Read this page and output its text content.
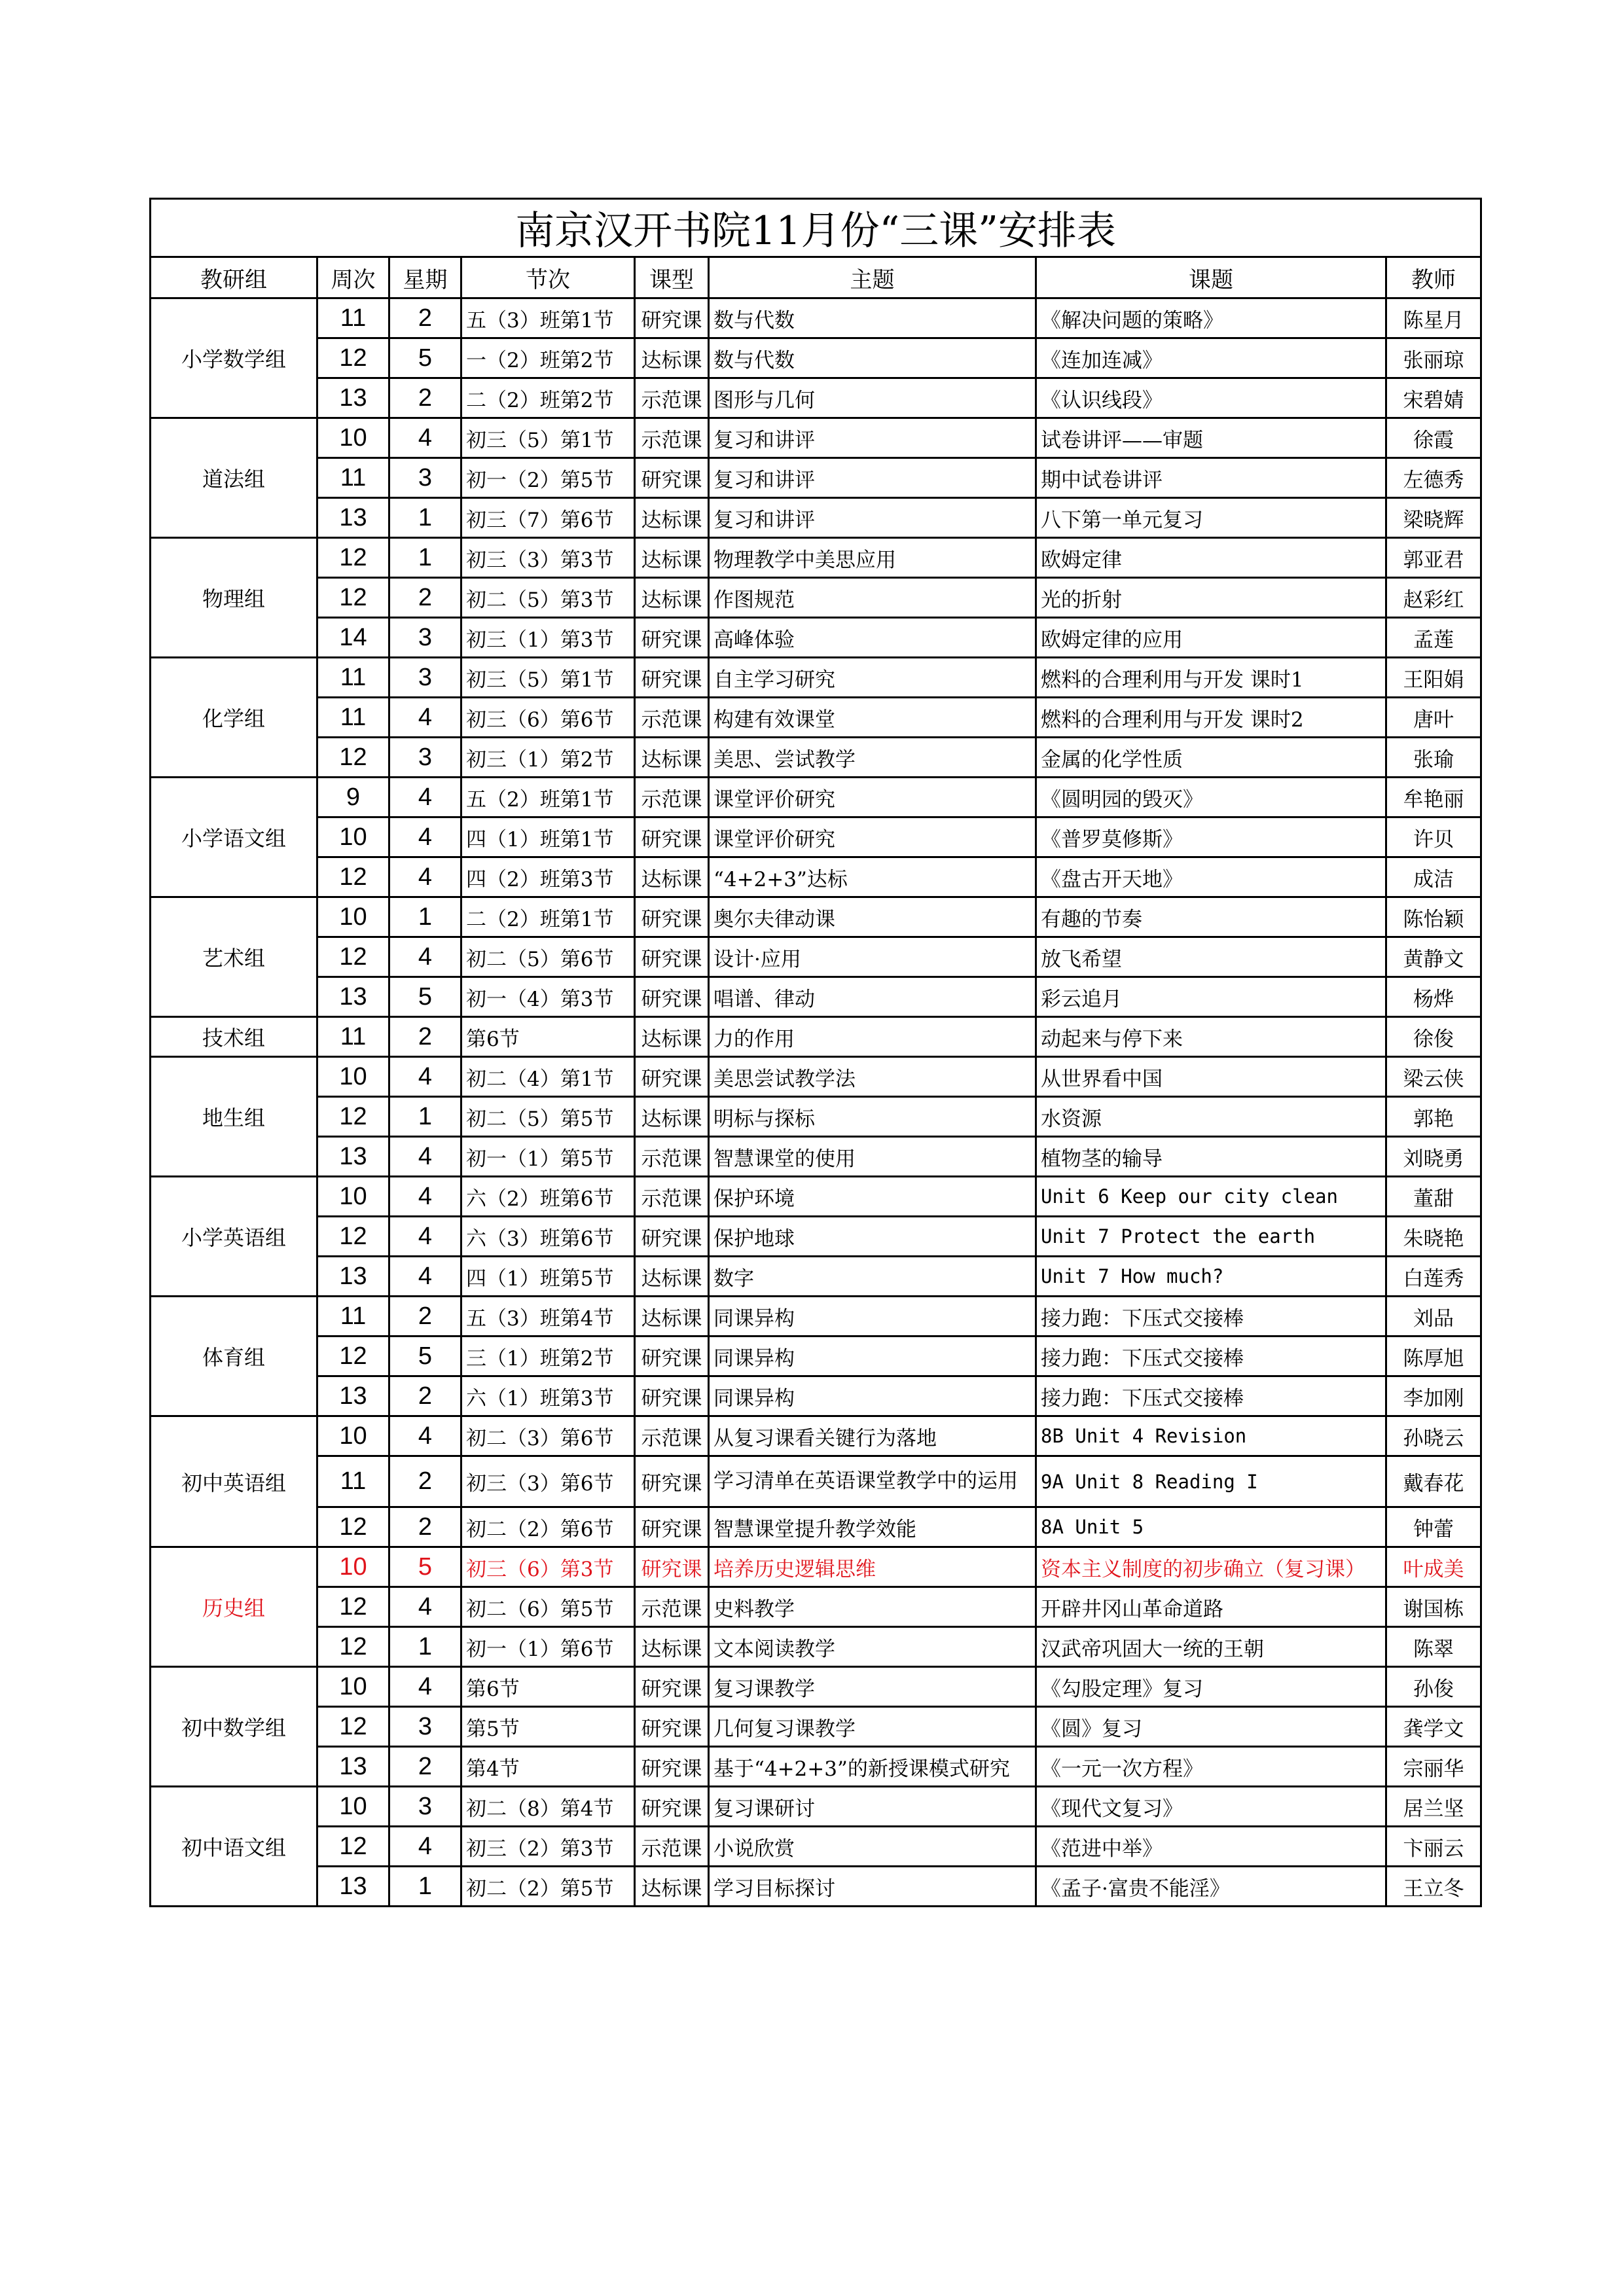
南京汉开书院11月份“三课”安排表							
教研组	周次	星期	节次	课型	主题	课题	教师
小学数学组	11	2	五（3）班第1节	研究课	数与代数	《解决问题的策略》	陈星月
	12	5	一（2）班第2节	达标课	数与代数	《连加连减》	张丽琼
	13	2	二（2）班第2节	示范课	图形与几何	《认识线段》	宋碧婧
道法组	10	4	初三（5）第1节	示范课	复习和讲评	试卷讲评——审题	徐霞
	11	3	初一（2）第5节	研究课	复习和讲评	期中试卷讲评	左德秀
	13	1	初三（7）第6节	达标课	复习和讲评	八下第一单元复习	梁晓辉
物理组	12	1	初三（3）第3节	达标课	物理教学中美思应用	欧姆定律	郭亚君
	12	2	初二（5）第3节	达标课	作图规范	光的折射	赵彩红
	14	3	初三（1）第3节	研究课	高峰体验	欧姆定律的应用	孟莲
化学组	11	3	初三（5）第1节	研究课	自主学习研究	燃料的合理利用与开发 课时1	王阳娟
	11	4	初三（6）第6节	示范课	构建有效课堂	燃料的合理利用与开发 课时2	唐叶
	12	3	初三（1）第2节	达标课	美思、尝试教学	金属的化学性质	张瑜
小学语文组	9	4	五（2）班第1节	示范课	课堂评价研究	《圆明园的毁灭》	牟艳丽
	10	4	四（1）班第1节	研究课	课堂评价研究	《普罗莫修斯》	许贝
	12	4	四（2）班第3节	达标课	“4+2+3”达标	《盘古开天地》	成洁
艺术组	10	1	二（2）班第1节	研究课	奥尔夫律动课	有趣的节奏	陈怡颖
	12	4	初二（5）第6节	研究课	设计·应用	放飞希望	黄静文
	13	5	初一（4）第3节	研究课	唱谱、律动	彩云追月	杨烨
技术组	11	2	第6节	达标课	力的作用	动起来与停下来	徐俊
地生组	10	4	初二（4）第1节	研究课	美思尝试教学法	从世界看中国	梁云侠
	12	1	初二（5）第5节	达标课	明标与探标	水资源	郭艳
	13	4	初一（1）第5节	示范课	智慧课堂的使用	植物茎的输导	刘晓勇
小学英语组	10	4	六（2）班第6节	示范课	保护环境	Unit 6 Keep our city clean	董甜
	12	4	六（3）班第6节	研究课	保护地球	Unit 7 Protect the earth	朱晓艳
	13	4	四（1）班第5节	达标课	数字	Unit 7 How much?	白莲秀
体育组	11	2	五（3）班第4节	达标课	同课异构	接力跑：下压式交接棒	刘品
	12	5	三（1）班第2节	研究课	同课异构	接力跑：下压式交接棒	陈厚旭
	13	2	六（1）班第3节	研究课	同课异构	接力跑：下压式交接棒	李加刚
初中英语组	10	4	初二（3）第6节	示范课	从复习课看关键行为落地	8B Unit 4 Revision	孙晓云
	11	2	初三（3）第6节	研究课	学习清单在英语课堂教学中的运用	9A Unit 8 Reading I	戴春花
	12	2	初二（2）第6节	研究课	智慧课堂提升教学效能	8A Unit 5	钟蕾
历史组	10	5	初三（6）第3节	研究课	培养历史逻辑思维	资本主义制度的初步确立（复习课）	叶成美
	12	4	初二（6）第5节	示范课	史料教学	开辟井冈山革命道路	谢国栋
	12	1	初一（1）第6节	达标课	文本阅读教学	汉武帝巩固大一统的王朝	陈翠
初中数学组	10	4	第6节	研究课	复习课教学	《勾股定理》复习	孙俊
	12	3	第5节	研究课	几何复习课教学	《圆》复习	龚学文
	13	2	第4节	研究课	基于“4+2+3”的新授课模式研究	《一元一次方程》	宗丽华
初中语文组	10	3	初二（8）第4节	研究课	复习课研讨	《现代文复习》	居兰坚
	12	4	初三（2）第3节	示范课	小说欣赏	《范进中举》	卞丽云
	13	1	初二（2）第5节	达标课	学习目标探讨	《孟子·富贵不能淫》	王立冬
